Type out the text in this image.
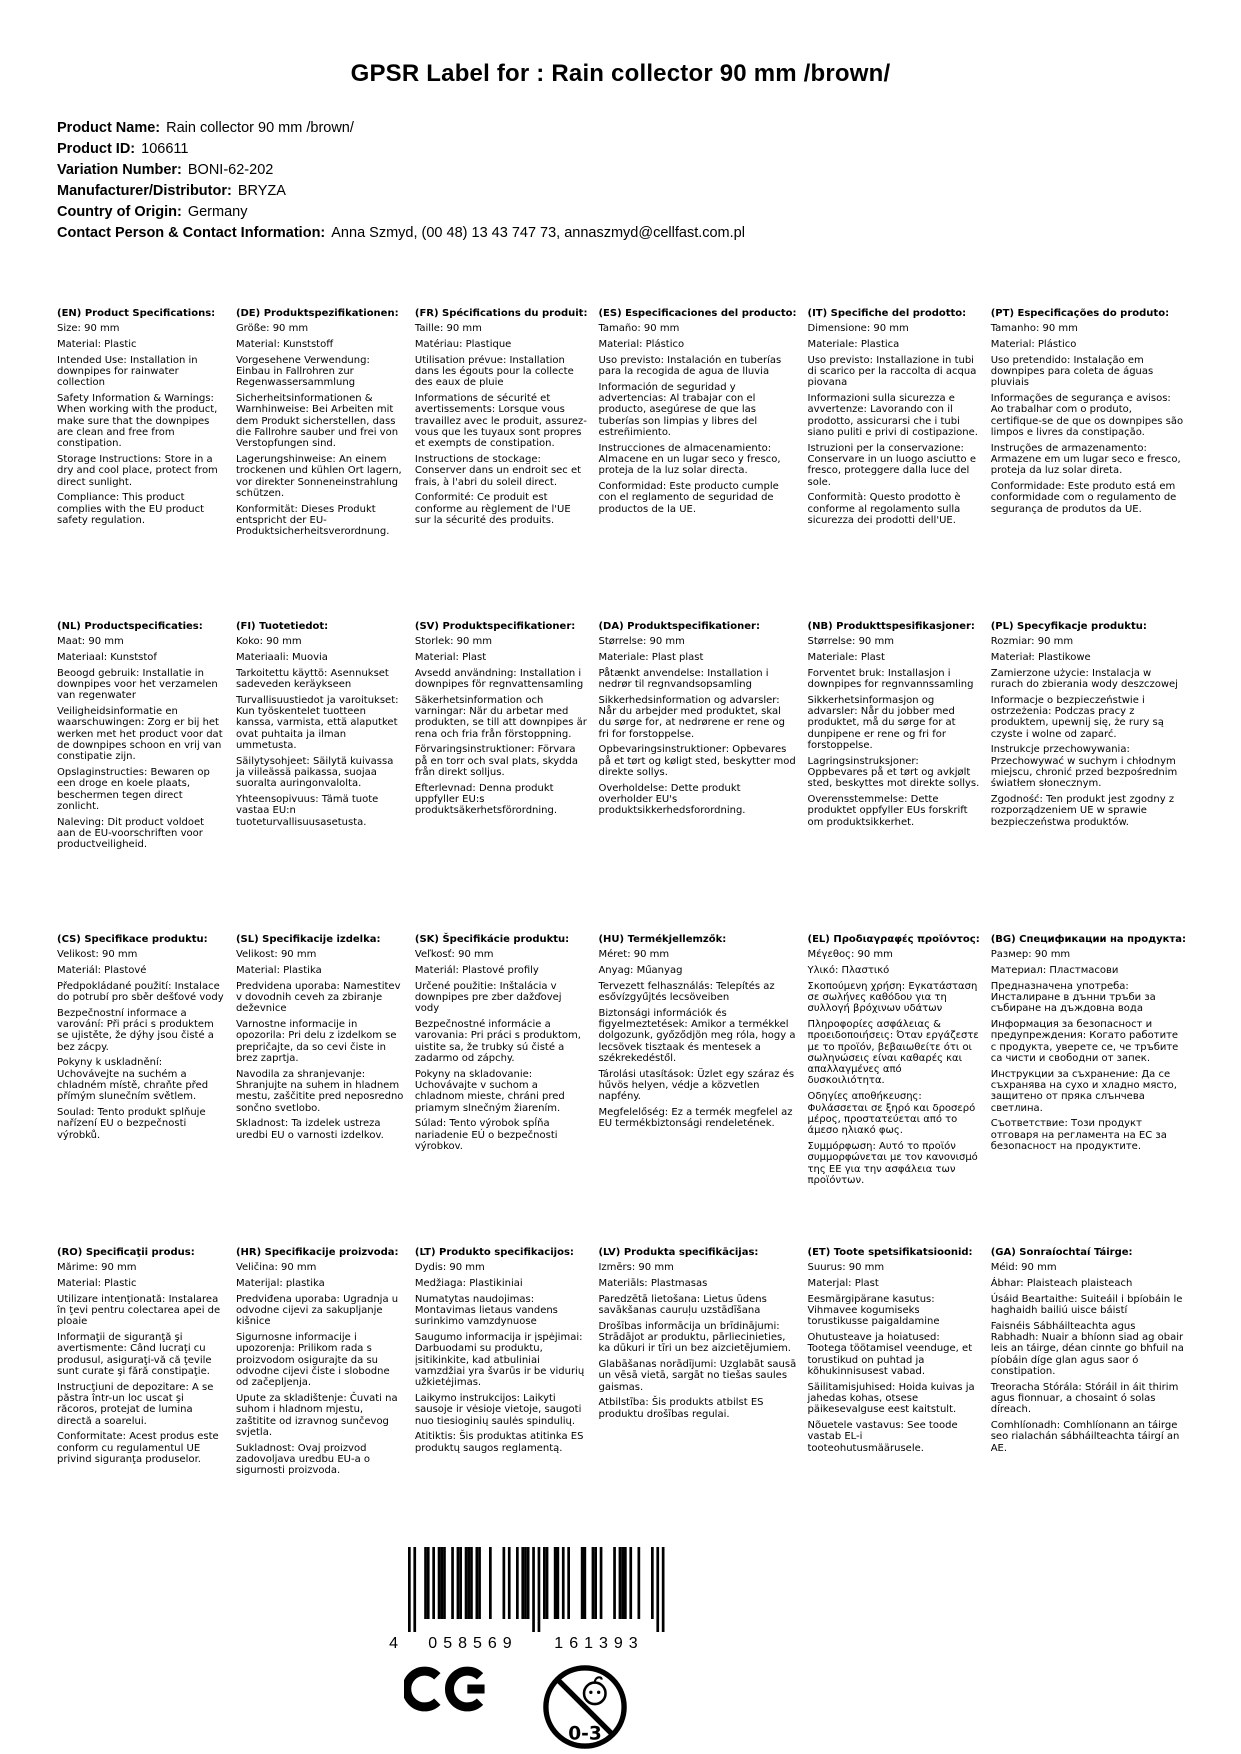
GPSR Label for : Rain collector 90 mm /brown/
Product Name: Rain collector 90 mm /brown/
Product ID: 106611
Variation Number: BONI-62-202
Manufacturer/Distributor: BRYZA
Country of Origin: Germany
Contact Person & Contact Information: Anna Szmyd, (00 48) 13 43 747 73, annaszmyd@cellfast.com.pl
(EN) Product Specifications:

Size: 90 mm

Material: Plastic

Intended Use: Installation in downpipes for rainwater collection

Safety Information & Warnings: When working with the product, make sure that the downpipes are clean and free from constipation.

Storage Instructions: Store in a dry and cool place, protect from direct sunlight.

Compliance: This product complies with the EU product safety regulation.

(DE) Produktspezifikationen:

Größe: 90 mm

Material: Kunststoff

Vorgesehene Verwendung: Einbau in Fallrohren zur Regenwassersammlung

Sicherheitsinformationen & Warnhinweise: Bei Arbeiten mit dem Produkt sicherstellen, dass die Fallrohre sauber und frei von Verstopfungen sind.

Lagerungshinweise: An einem trockenen und kühlen Ort lagern, vor direkter Sonneneinstrahlung schützen.

Konformität: Dieses Produkt entspricht der EU-Produktsicherheitsverordnung.

(FR) Spécifications du produit:

Taille: 90 mm

Matériau: Plastique

Utilisation prévue: Installation dans les égouts pour la collecte des eaux de pluie

Informations de sécurité et avertissements: Lorsque vous travaillez avec le produit, assurez-vous que les tuyaux sont propres et exempts de constipation.

Instructions de stockage: Conserver dans un endroit sec et frais, à l'abri du soleil direct.

Conformité: Ce produit est conforme au règlement de l'UE sur la sécurité des produits.

(ES) Especificaciones del producto:

Tamaño: 90 mm

Material: Plástico

Uso previsto: Instalación en tuberías para la recogida de agua de lluvia

Información de seguridad y advertencias: Al trabajar con el producto, asegúrese de que las tuberías son limpias y libres del estreñimiento.

Instrucciones de almacenamiento: Almacene en un lugar seco y fresco, proteja de la luz solar directa.

Conformidad: Este producto cumple con el reglamento de seguridad de productos de la UE.

(IT) Specifiche del prodotto:

Dimensione: 90 mm

Materiale: Plastica

Uso previsto: Installazione in tubi di scarico per la raccolta di acqua piovana

Informazioni sulla sicurezza e avvertenze: Lavorando con il prodotto, assicurarsi che i tubi siano puliti e privi di costipazione.

Istruzioni per la conservazione: Conservare in un luogo asciutto e fresco, proteggere dalla luce del sole.

Conformità: Questo prodotto è conforme al regolamento sulla sicurezza dei prodotti dell'UE.

(PT) Especificações do produto:

Tamanho: 90 mm

Material: Plástico

Uso pretendido: Instalação em downpipes para coleta de águas pluviais

Informações de segurança e avisos: Ao trabalhar com o produto, certifique-se de que os downpipes são limpos e livres da constipação.

Instruções de armazenamento: Armazene em um lugar seco e fresco, proteja da luz solar direta.

Conformidade: Este produto está em conformidade com o regulamento de segurança de produtos da UE.

(NL) Productspecificaties:

Maat: 90 mm

Materiaal: Kunststof

Beoogd gebruik: Installatie in downpipes voor het verzamelen van regenwater

Veiligheidsinformatie en waarschuwingen: Zorg er bij het werken met het product voor dat de downpipes schoon en vrij van constipatie zijn.

Opslaginstructies: Bewaren op een droge en koele plaats, beschermen tegen direct zonlicht.

Naleving: Dit product voldoet aan de EU-voorschriften voor productveiligheid.

(FI) Tuotetiedot:

Koko: 90 mm

Materiaali: Muovia

Tarkoitettu käyttö: Asennukset sadeveden keräykseen

Turvallisuustiedot ja varoitukset: Kun työskentelet tuotteen kanssa, varmista, että alaputket ovat puhtaita ja ilman ummetusta.

Säilytysohjeet: Säilytä kuivassa ja viileässä paikassa, suojaa suoralta auringonvalolta.

Yhteensopivuus: Tämä tuote vastaa EU:n tuoteturvallisuusasetusta.

(SV) Produktspecifikationer:

Storlek: 90 mm

Material: Plast

Avsedd användning: Installation i downpipes för regnvattensamling

Säkerhetsinformation och varningar: När du arbetar med produkten, se till att downpipes är rena och fria från förstoppning.

Förvaringsinstruktioner: Förvara på en torr och sval plats, skydda från direkt solljus.

Efterlevnad: Denna produkt uppfyller EU:s produktsäkerhetsförordning.

(DA) Produktspecifikationer:

Størrelse: 90 mm

Materiale: Plast plast

Påtænkt anvendelse: Installation i nedrør til regnvandsopsamling

Sikkerhedsinformation og advarsler: Når du arbejder med produktet, skal du sørge for, at nedrørene er rene og fri for forstoppelse.

Opbevaringsinstruktioner: Opbevares på et tørt og køligt sted, beskytter mod direkte sollys.

Overholdelse: Dette produkt overholder EU's produktsikkerhedsforordning.

(NB) Produkttspesifikasjoner:

Størrelse: 90 mm

Materiale: Plast

Forventet bruk: Installasjon i downpipes for regnvannssamling

Sikkerhetsinformasjon og advarsler: Når du jobber med produktet, må du sørge for at dunpipene er rene og fri for forstoppelse.

Lagringsinstruksjoner: Oppbevares på et tørt og avkjølt sted, beskyttes mot direkte sollys.

Overensstemmelse: Dette produktet oppfyller EUs forskrift om produktsikkerhet.

(PL) Specyfikacje produktu:

Rozmiar: 90 mm

Materiał: Plastikowe

Zamierzone użycie: Instalacja w rurach do zbierania wody deszczowej

Informacje o bezpieczeństwie i ostrzeżenia: Podczas pracy z produktem, upewnij się, że rury są czyste i wolne od zaparć.

Instrukcje przechowywania: Przechowywać w suchym i chłodnym miejscu, chronić przed bezpośrednim światłem słonecznym.

Zgodność: Ten produkt jest zgodny z rozporządzeniem UE w sprawie bezpieczeństwa produktów.

(CS) Specifikace produktu:

Velikost: 90 mm

Materiál: Plastové

Předpokládané použití: Instalace do potrubí pro sběr dešťové vody

Bezpečnostní informace a varování: Při práci s produktem se ujistěte, že dýhy jsou čisté a bez zácpy.

Pokyny k uskladnění: Uchovávejte na suchém a chladném místě, chraňte před přímým slunečním světlem.

Soulad: Tento produkt splňuje nařízení EU o bezpečnosti výrobků.

(SL) Specifikacije izdelka:

Velikost: 90 mm

Material: Plastika

Predvidena uporaba: Namestitev v dovodnih ceveh za zbiranje deževnice

Varnostne informacije in opozorila: Pri delu z izdelkom se prepričajte, da so cevi čiste in brez zaprtja.

Navodila za shranjevanje: Shranjujte na suhem in hladnem mestu, zaščitite pred neposredno sončno svetlobo.

Skladnost: Ta izdelek ustreza uredbi EU o varnosti izdelkov.

(SK) Špecifikácie produktu:

Veľkosť: 90 mm

Materiál: Plastové profily

Určené použitie: Inštalácia v downpipes pre zber dažďovej vody

Bezpečnostné informácie a varovania: Pri práci s produktom, uistite sa, že trubky sú čisté a zadarmo od zápchy.

Pokyny na skladovanie: Uchovávajte v suchom a chladnom mieste, chráni pred priamym slnečným žiarením.

Súlad: Tento výrobok spĺňa nariadenie EÚ o bezpečnosti výrobkov.

(HU) Termékjellemzők:

Méret: 90 mm

Anyag: Műanyag

Tervezett felhasználás: Telepítés az esővízgyűjtés lecsöveiben

Biztonsági információk és figyelmeztetések: Amikor a termékkel dolgozunk, győződjön meg róla, hogy a lecsövek tisztaak és mentesek a székrekedéstől.

Tárolási utasítások: Üzlet egy száraz és hűvös helyen, védje a közvetlen napfény.

Megfelelőség: Ez a termék megfelel az EU termékbiztonsági rendeletének.

(EL) Προδιαγραφές προϊόντος:

Μέγεθος: 90 mm

Υλικό: Πλαστικό

Σκοπούμενη χρήση: Εγκατάσταση σε σωλήνες καθόδου για τη συλλογή βρόχινων υδάτων

Πληροφορίες ασφάλειας & προειδοποιήσεις: Όταν εργάζεστε με το προϊόν, βεβαιωθείτε ότι οι σωληνώσεις είναι καθαρές και απαλλαγμένες από δυσκοιλιότητα.

Οδηγίες αποθήκευσης: Φυλάσσεται σε ξηρό και δροσερό μέρος, προστατεύεται από το άμεσο ηλιακό φως.

Συμμόρφωση: Αυτό το προϊόν συμμορφώνεται με τον κανονισμό της ΕΕ για την ασφάλεια των προϊόντων.

(BG) Спецификации на продукта:

Размер: 90 mm

Материал: Пластмасови

Предназначена употреба: Инсталиране в дънни тръби за събиране на дъждовна вода

Информация за безопасност и предупреждения: Когато работите с продукта, уверете се, че тръбите са чисти и свободни от запек.

Инструкции за съхранение: Да се съхранява на сухо и хладно място, защитено от пряка слънчева светлина.

Съответствие: Този продукт отговаря на регламента на ЕС за безопасност на продуктите.

(RO) Specificaţii produs:

Mărime: 90 mm

Material: Plastic

Utilizare intenţionată: Instalarea în ţevi pentru colectarea apei de ploaie

Informaţii de siguranţă şi avertismente: Când lucraţi cu produsul, asiguraţi-vă că ţevile sunt curate şi fără constipaţie.

Instrucţiuni de depozitare: A se păstra într-un loc uscat şi răcoros, protejat de lumina directă a soarelui.

Conformitate: Acest produs este conform cu regulamentul UE privind siguranţa produselor.

(HR) Specifikacije proizvoda:

Veličina: 90 mm

Materijal: plastika

Predviđena uporaba: Ugradnja u odvodne cijevi za sakupljanje kišnice

Sigurnosne informacije i upozorenja: Prilikom rada s proizvodom osigurajte da su odvodne cijevi čiste i slobodne od začepljenja.

Upute za skladištenje: Čuvati na suhom i hladnom mjestu, zaštitite od izravnog sunčevog svjetla.

Sukladnost: Ovaj proizvod zadovoljava uredbu EU-a o sigurnosti proizvoda.

(LT) Produkto specifikacijos:

Dydis: 90 mm

Medžiaga: Plastikiniai

Numatytas naudojimas: Montavimas lietaus vandens surinkimo vamzdynuose

Saugumo informacija ir įspėjimai: Darbuodami su produktu, įsitikinkite, kad atbuliniai vamzdžiai yra švarūs ir be vidurių užkietėjimas.

Laikymo instrukcijos: Laikyti sausoje ir vėsioje vietoje, saugoti nuo tiesioginių saulės spindulių.

Atitiktis: Šis produktas atitinka ES produktų saugos reglamentą.

(LV) Produkta specifikācijas:

Izmērs: 90 mm

Materiāls: Plastmasas

Paredzētā lietošana: Lietus ūdens savākšanas cauruļu uzstādīšana

Drošības informācija un brīdinājumi: Strādājot ar produktu, pārliecinieties, ka dūkuri ir tīri un bez aizcietējumiem.

Glabāšanas norādījumi: Uzglabāt sausā un vēsā vietā, sargāt no tiešas saules gaismas.

Atbilstība: Šis produkts atbilst ES produktu drošības regulai.

(ET) Toote spetsifikatsioonid:

Suurus: 90 mm

Materjal: Plast

Eesmärgipärane kasutus: Vihmavee kogumiseks torustikusse paigaldamine

Ohutusteave ja hoiatused: Tootega töötamisel veenduge, et torustikud on puhtad ja kõhukinnisusest vabad.

Säilitamisjuhised: Hoida kuivas ja jahedas kohas, otsese päikesevalguse eest kaitstult.

Nõuetele vastavus: See toode vastab EL-i tooteohutusmäärusele.

(GA) Sonraíochtaí Táirge:

Méid: 90 mm

Ábhar: Plaisteach plaisteach

Úsáid Beartaithe: Suiteáil i bpíobáin le haghaidh bailiú uisce báistí

Faisnéis Sábháilteachta agus Rabhadh: Nuair a bhíonn siad ag obair leis an táirge, déan cinnte go bhfuil na píobáin díge glan agus saor ó constipation.

Treoracha Stórála: Stóráil in áit thirim agus fionnuar, a chosaint ó solas díreach.

Comhlíonadh: Comhlíonann an táirge seo rialachán sábháilteachta táirgí an AE.

4 058569 161393
0-3
